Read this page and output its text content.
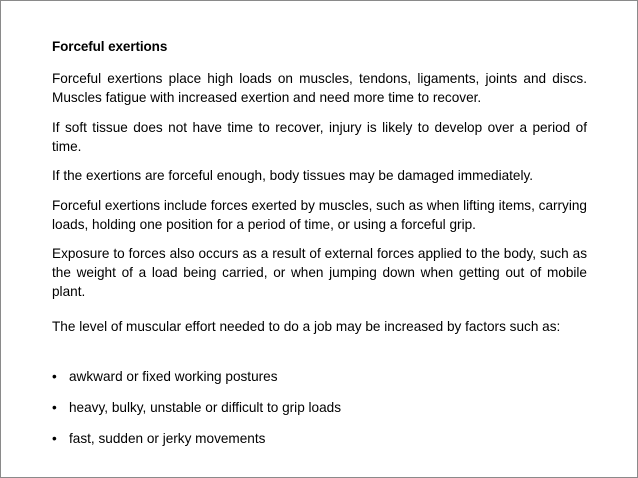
Forceful exertions

Forceful exertions place high loads on muscles, tendons, ligaments, joints and discs. Muscles fatigue with increased exertion and need more time to recover.

If soft tissue does not have time to recover, injury is likely to develop over a period of time.

If the exertions are forceful enough, body tissues may be damaged immediately.

Forceful exertions include forces exerted by muscles, such as when lifting items, carrying loads, holding one position for a period of time, or using a forceful grip.

Exposure to forces also occurs as a result of external forces applied to the body, such as the weight of a load being carried, or when jumping down when getting out of mobile plant.

The level of muscular effort needed to do a job may be increased by factors such as:

• awkward or fixed working postures
• heavy, bulky, unstable or difficult to grip loads
• fast, sudden or jerky movements
